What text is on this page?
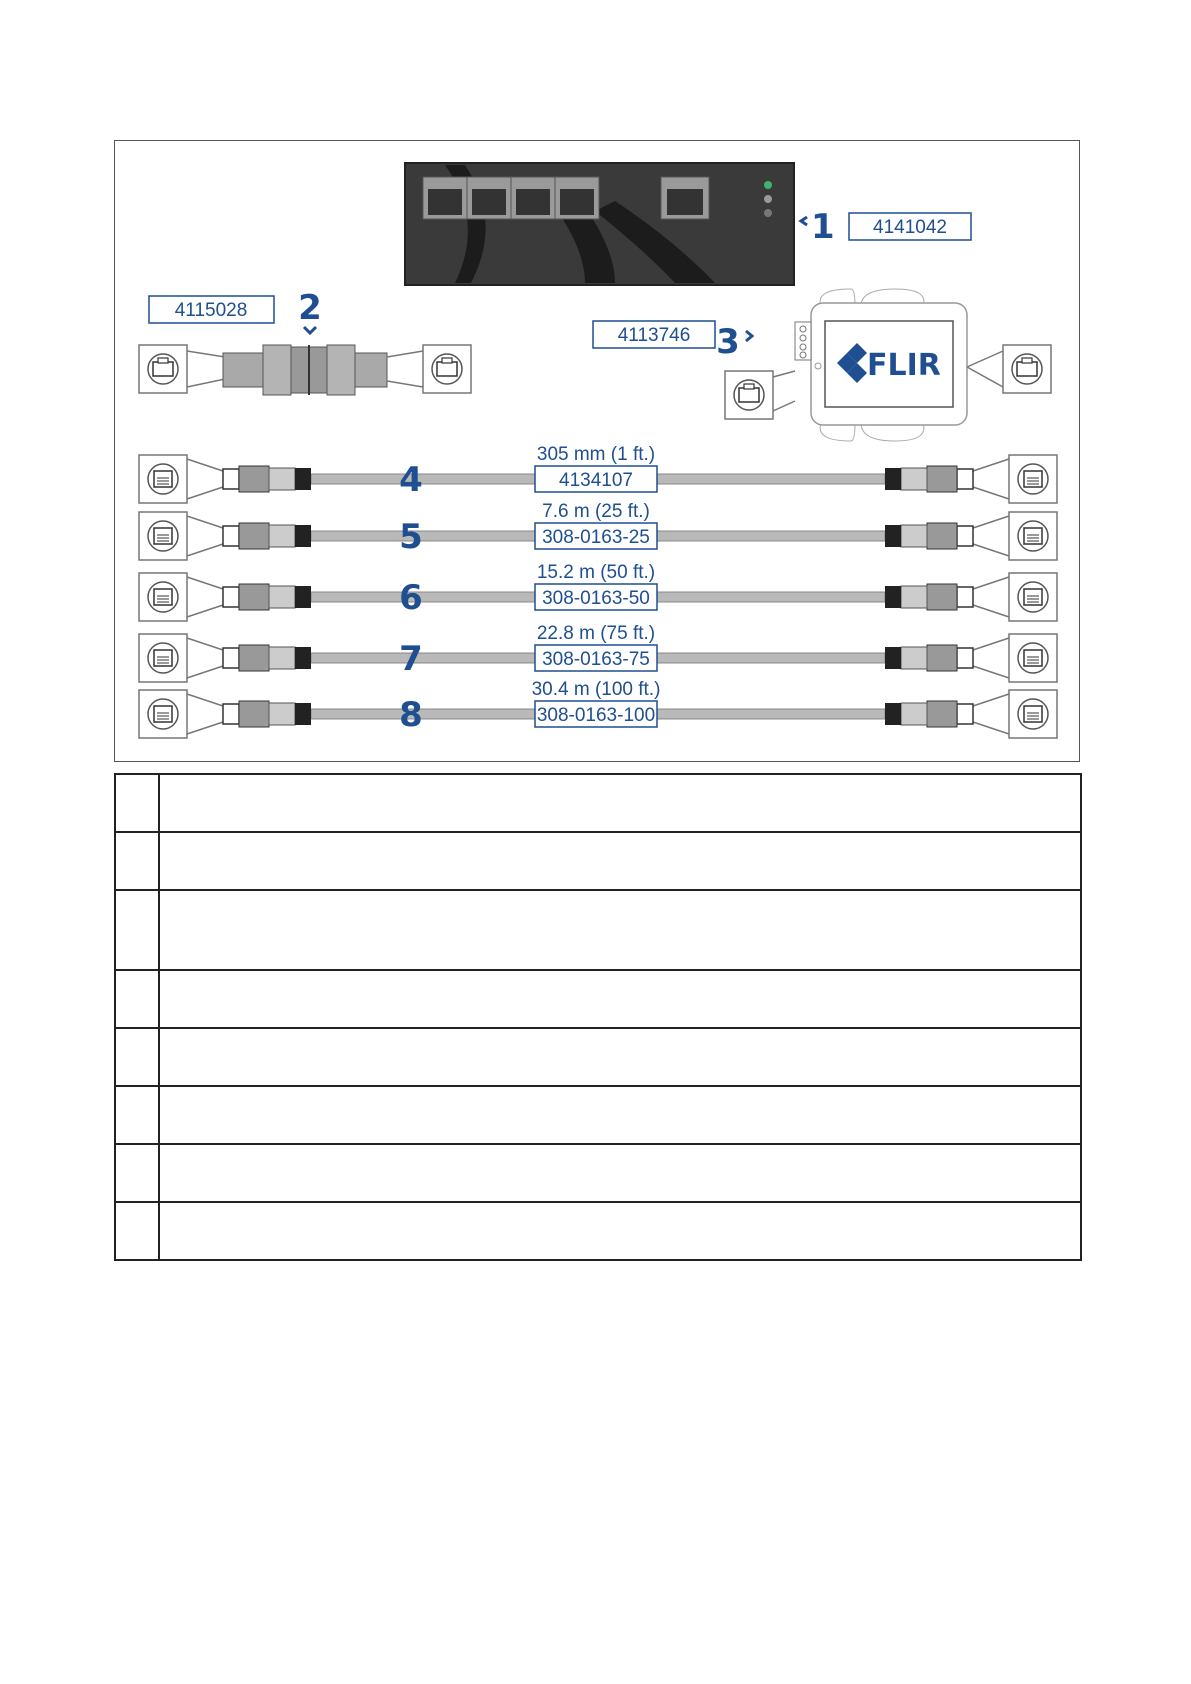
1 4141042
4115028 2
4113746 3
FLIR
4	4134107
305 mm (1 ft.)
5	308-0163-25
7.6 m (25 ft.)
6	308-0163-50
15.2 m (50 ft.)
7	308-0163-75
22.8 m (75 ft.)
8	308-0163-100
30.4 m (100 ft.)
